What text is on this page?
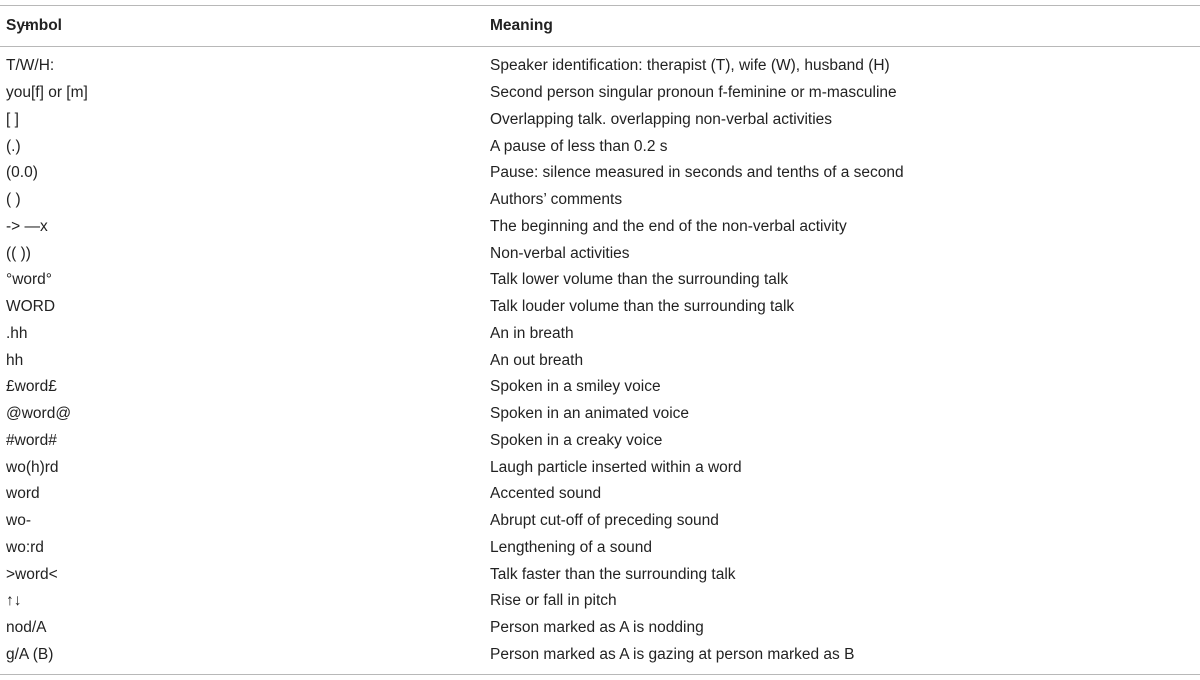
Symbol	Meaning
T/W/H:	Speaker identification: therapist (T), wife (W), husband (H)
you[f] or [m]	Second person singular pronoun f-feminine or m-masculine
[ ]	Overlapping talk. overlapping non-verbal activities
(.)	A pause of less than 0.2 s
(0.0)	Pause: silence measured in seconds and tenths of a second
( )	Authors’ comments
-> —x	The beginning and the end of the non-verbal activity
(( ))	Non-verbal activities
°word°	Talk lower volume than the surrounding talk
WORD	Talk louder volume than the surrounding talk
.hh	An in breath
hh	An out breath
£word£	Spoken in a smiley voice
@word@	Spoken in an animated voice
#word#	Spoken in a creaky voice
wo(h)rd	Laugh particle inserted within a word
word	Accented sound
wo-	Abrupt cut-off of preceding sound
wo:rd	Lengthening of a sound
>word<	Talk faster than the surrounding talk
↑↓	Rise or fall in pitch
nod/A	Person marked as A is nodding
g/A (B)	Person marked as A is gazing at person marked as B
